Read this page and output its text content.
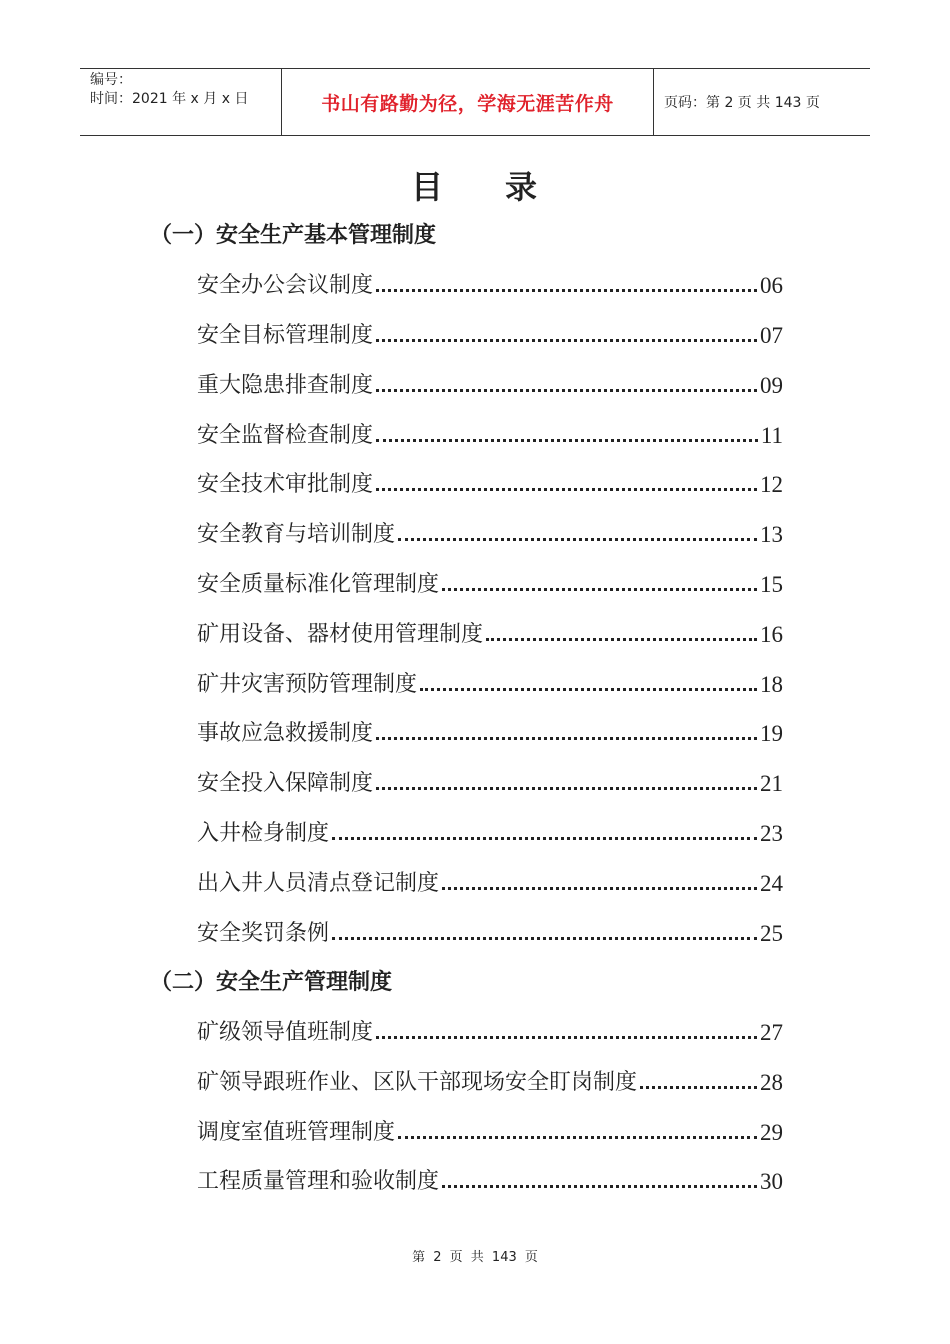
编号：
时间：2021 年 x 月 x 日	书山有路勤为径，学海无涯苦作舟	页码：第 2 页 共 143 页
目 录
（一）安全生产基本管理制度
安全办公会议制度	06
安全目标管理制度	07
重大隐患排查制度	09
安全监督检查制度	11
安全技术审批制度	12
安全教育与培训制度	13
安全质量标准化管理制度	15
矿用设备、器材使用管理制度	16
矿井灾害预防管理制度	18
事故应急救援制度	19
安全投入保障制度	21
入井检身制度	23
出入井人员清点登记制度	24
安全奖罚条例	25
（二）安全生产管理制度
矿级领导值班制度	27
矿领导跟班作业、区队干部现场安全盯岗制度	28
调度室值班管理制度	29
工程质量管理和验收制度	30
第 2 页 共 143 页
